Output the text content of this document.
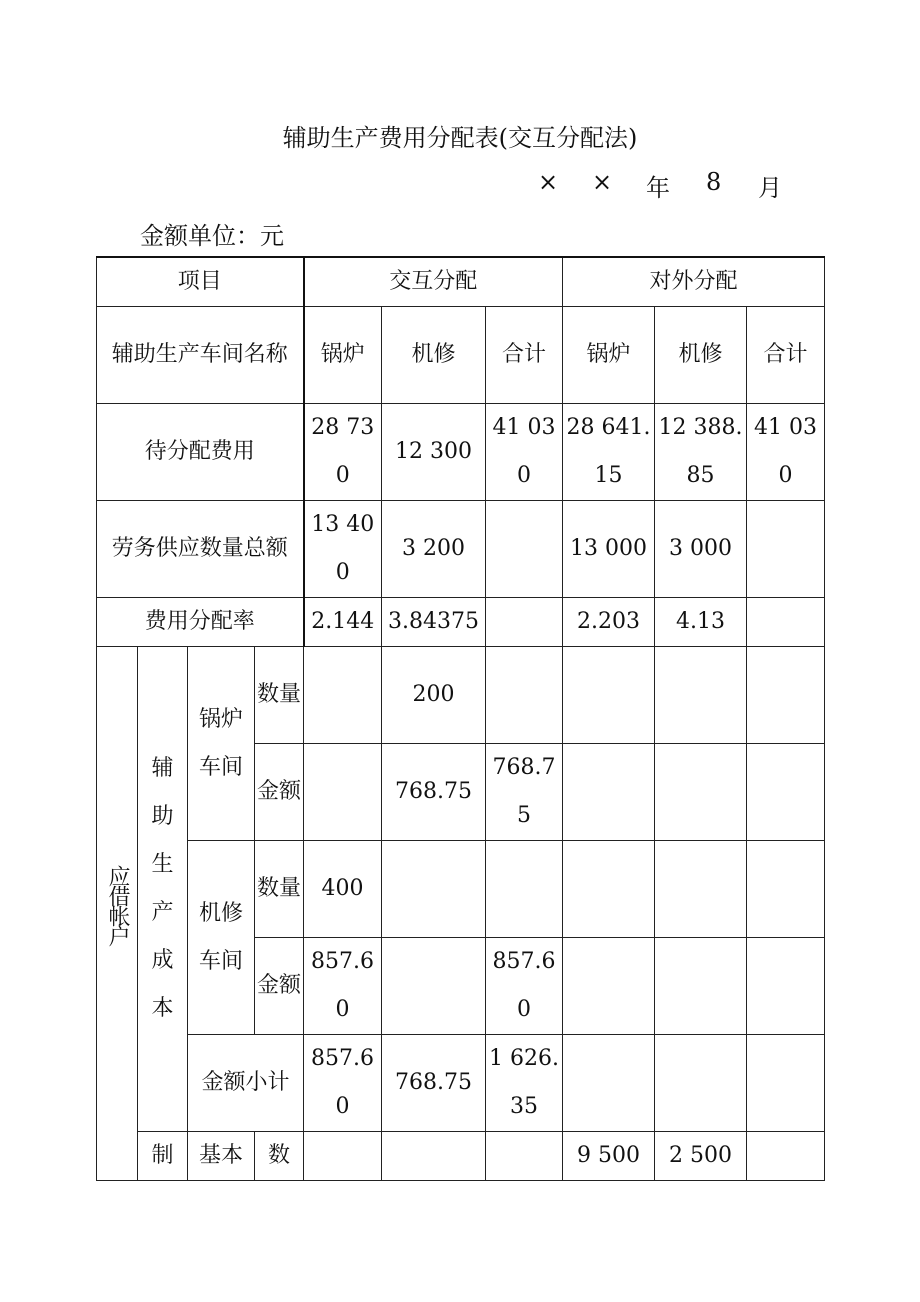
辅助生产费用分配表(交互分配法)
× × 年 8 月
金额单位：元
项目				交互分配			对外分配		
辅助生产车间名称				锅炉	机修	合计	锅炉	机修	合计
待分配费用				28 730	12 300	41 030	28 641.15	12 388.85	41 030
劳务供应数量总额				13 400	3 200		13 000	3 000	
费用分配率				2.144	3.84375		2.203	4.13	
应借帐户	辅助生产成本	锅炉车间	数量		200				
			金额		768.75	768.75			
		机修车间	数量	400					
			金额	857.60		857.60			
		金额小计		857.60	768.75	1 626.35			
	制	基本	数				9 500	2 500	
